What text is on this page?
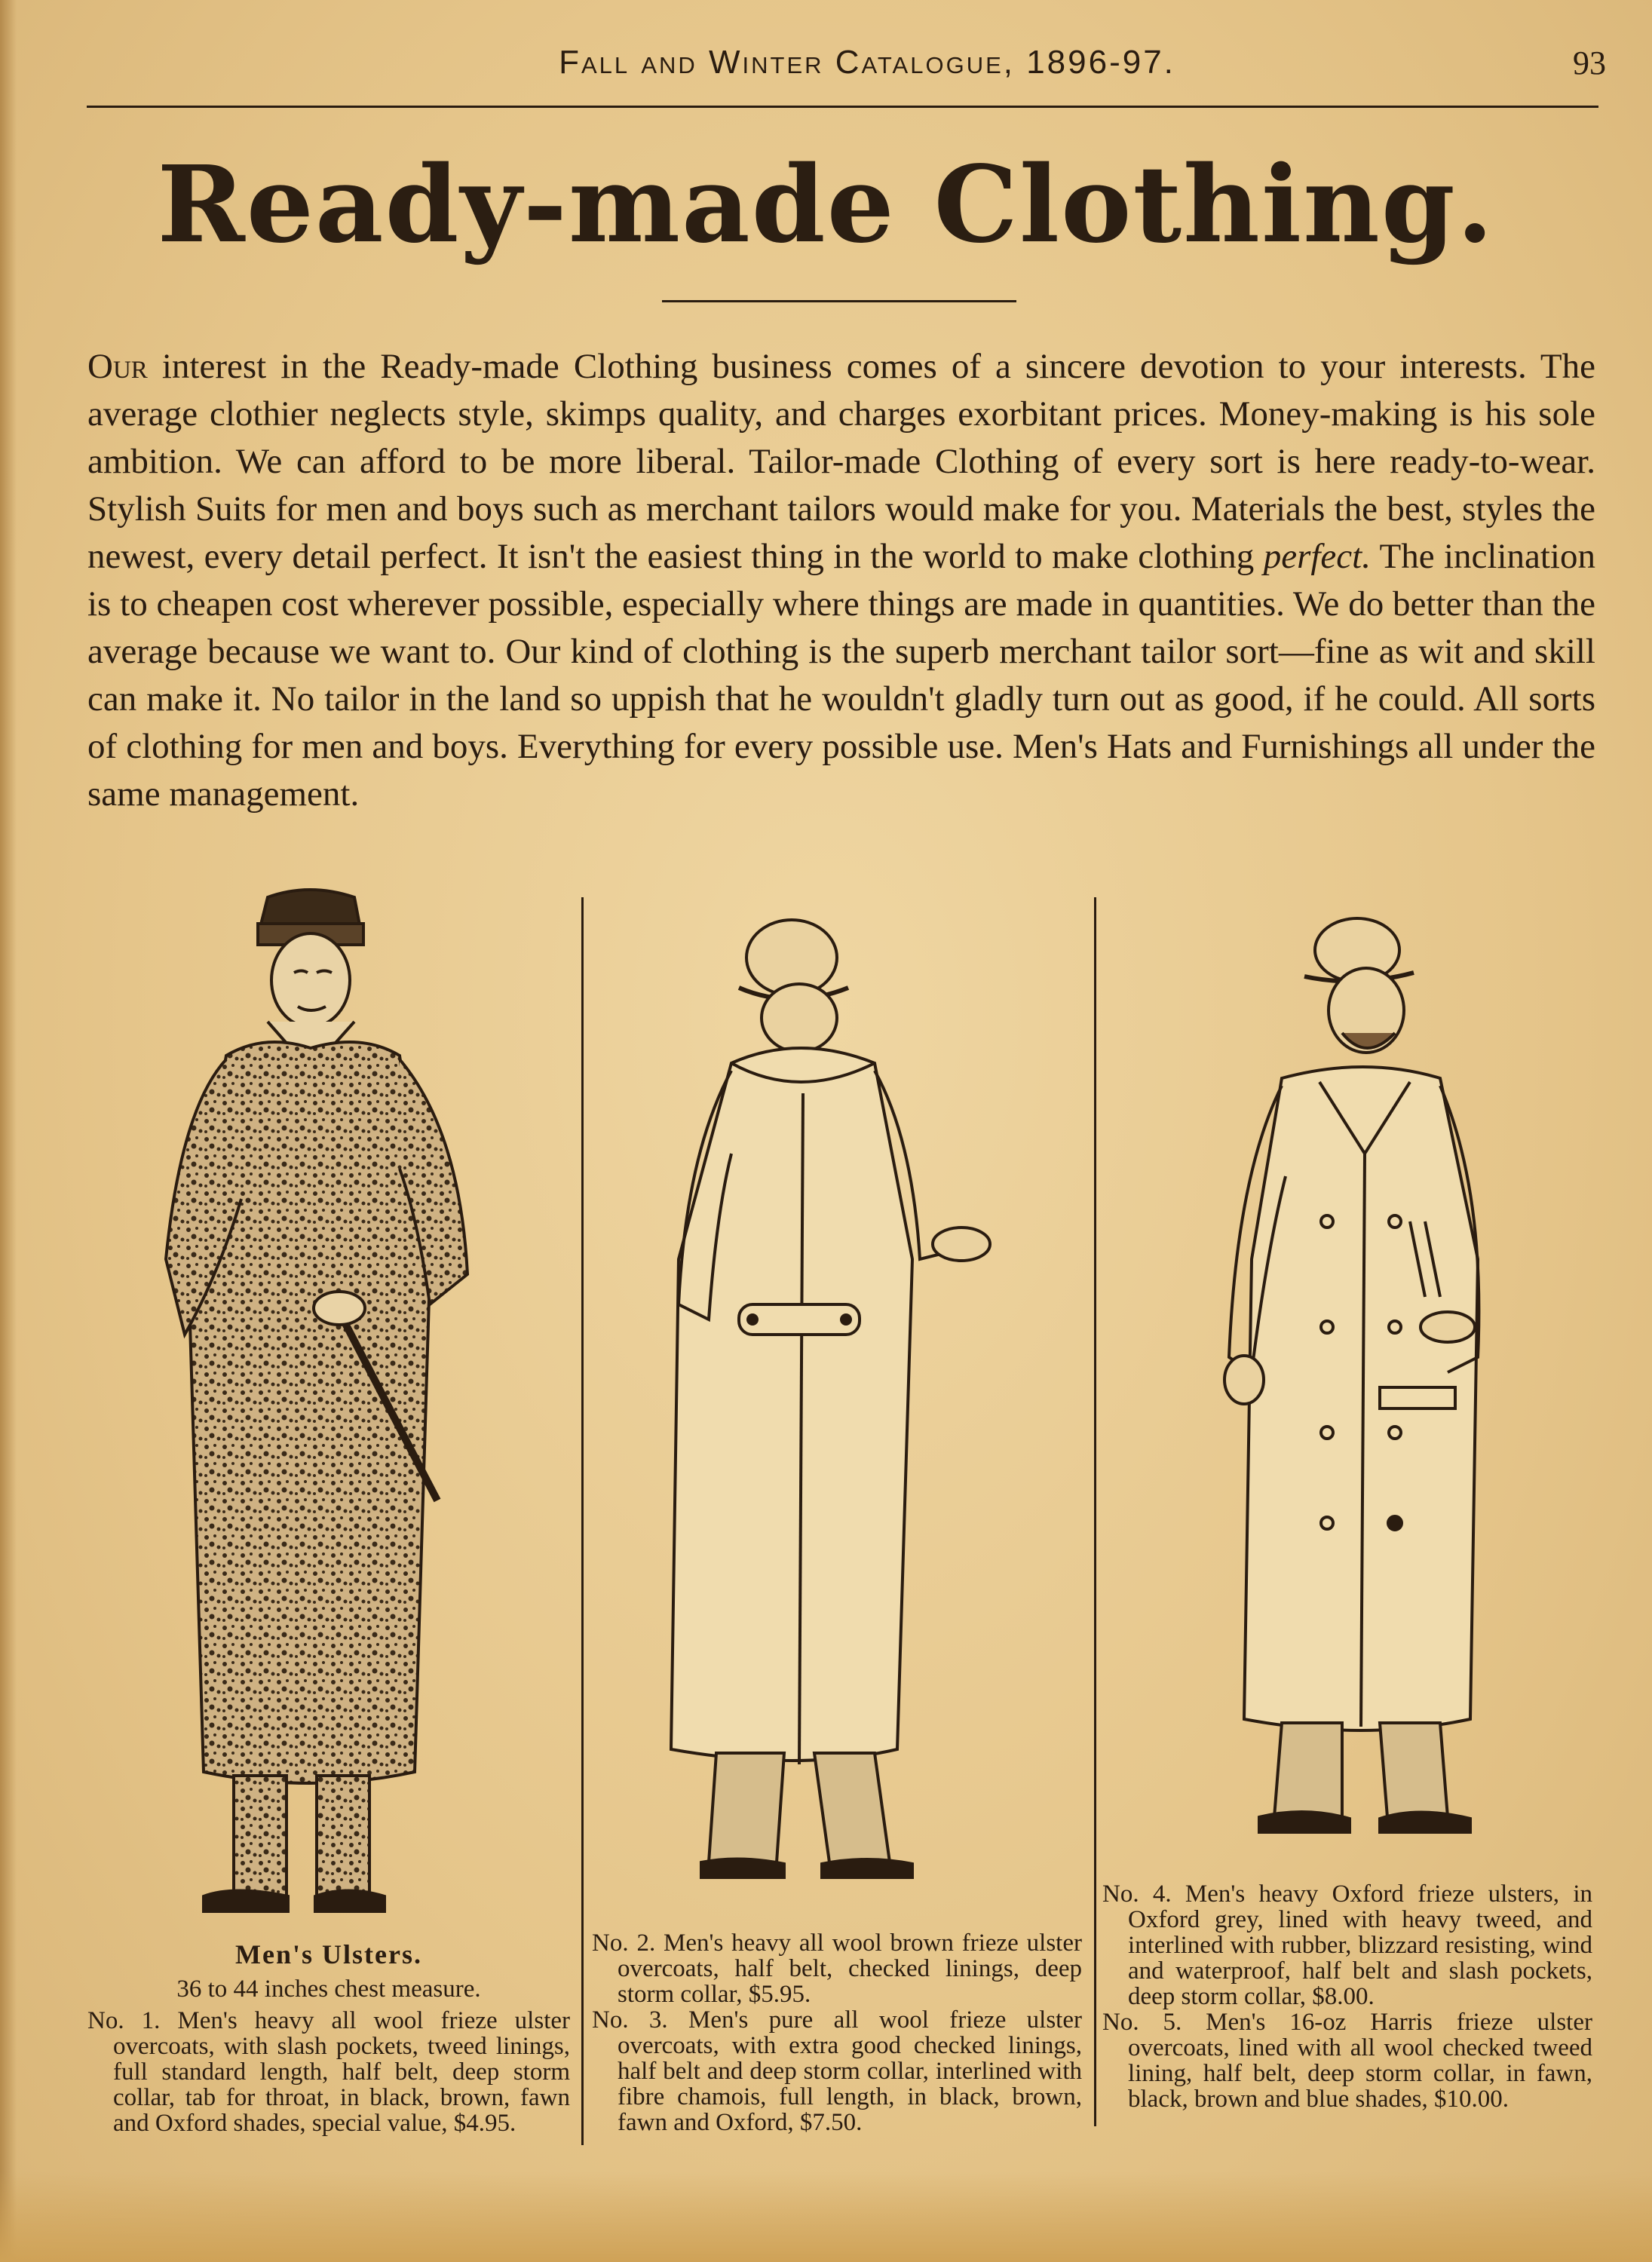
Fall and Winter Catalogue, 1896-97.	93
Ready-made Clothing.
Our interest in the Ready-made Clothing business comes of a sincere devotion to your interests. The average clothier neglects style, skimps quality, and charges exorbitant prices. Money-making is his sole ambition. We can afford to be more liberal. Tailor-made Clothing of every sort is here ready-to-wear. Stylish Suits for men and boys such as merchant tailors would make for you. Materials the best, styles the newest, every detail perfect. It isn't the easiest thing in the world to make clothing perfect. The inclination is to cheapen cost wherever possible, especially where things are made in quantities. We do better than the average because we want to. Our kind of clothing is the superb merchant tailor sort—fine as wit and skill can make it. No tailor in the land so uppish that he wouldn't gladly turn out as good, if he could. All sorts of clothing for men and boys. Everything for every possible use. Men's Hats and Furnishings all under the same management.

Men's Ulsters.

36 to 44 inches chest measure.

No. 1. Men's heavy all wool frieze ulster overcoats, with slash pockets, tweed linings, full standard length, half belt, deep storm collar, tab for throat, in black, brown, fawn and Oxford shades, special value, $4.95.

No. 2. Men's heavy all wool brown frieze ulster overcoats, half belt, checked linings, deep storm collar, $5.95.

No. 3. Men's pure all wool frieze ulster overcoats, with extra good checked linings, half belt and deep storm collar, interlined with fibre chamois, full length, in black, brown, fawn and Oxford, $7.50.

No. 4. Men's heavy Oxford frieze ulsters, in Oxford grey, lined with heavy tweed, and interlined with rubber, blizzard resisting, wind and waterproof, half belt and slash pockets, deep storm collar, $8.00.

No. 5. Men's 16-oz Harris frieze ulster overcoats, lined with all wool checked tweed lining, half belt, deep storm collar, in fawn, black, brown and blue shades, $10.00.
